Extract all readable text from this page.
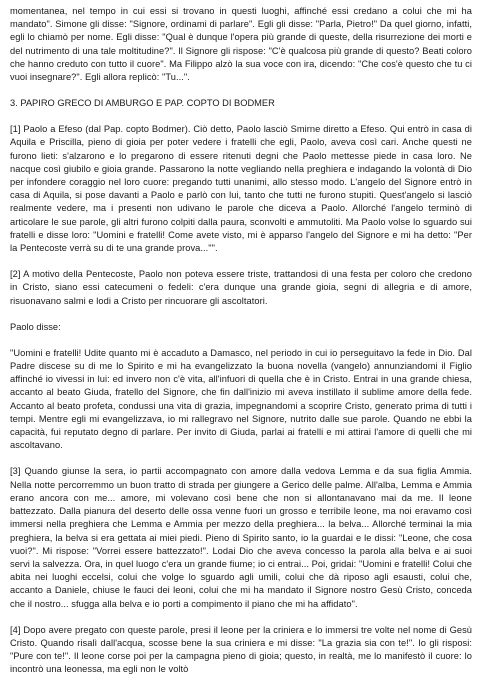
momentanea, nel tempo in cui essi si trovano in questi luoghi, affinché essi credano a colui che mi ha mandato". Simone gli disse: "Signore, ordinami di parlare". Egli gli disse: "Parla, Pietro!" Da quel giorno, infatti, egli lo chiamò per nome. Egli disse: "Qual è dunque l'opera più grande di queste, della risurrezione dei morti e del nutrimento di una tale moltitudine?". Il Signore gli rispose: "C'è qualcosa più grande di questo? Beati coloro che hanno creduto con tutto il cuore". Ma Filippo alzò la sua voce con ira, dicendo: "Che cos'è questo che tu ci vuoi insegnare?". Egli allora replicò: "Tu...".

3. PAPIRO GRECO DI AMBURGO E PAP. COPTO DI BODMER

[1] Paolo a Efeso (dal Pap. copto Bodmer). Ciò detto, Paolo lasciò Smirne diretto a Efeso. Qui entrò in casa di Aquila e Priscilla, pieno di gioia per poter vedere i fratelli che egli, Paolo, aveva così cari. Anche questi ne furono lieti: s'alzarono e lo pregarono di essere ritenuti degni che Paolo mettesse piede in casa loro. Ne nacque così giubilo e gioia grande. Passarono la notte vegliando nella preghiera e indagando la volontà di Dio per infondere coraggio nel loro cuore: pregando tutti unanimi, allo stesso modo. L'angelo del Signore entrò in casa di Aquila, si pose davanti a Paolo e parlò con lui, tanto che tutti ne furono stupiti. Quest'angelo si lasciò realmente vedere, ma i presenti non udivano le parole che diceva a Paolo. Allorché l'angelo terminò di articolare le sue parole, gli altri furono colpiti dalla paura, sconvolti e ammutoliti. Ma Paolo volse lo sguardo sui fratelli e disse loro: "Uomini e fratelli! Come avete visto, mi è apparso l'angelo del Signore e mi ha detto: "Per la Pentecoste verrà su di te una grande prova..."".

[2] A motivo della Pentecoste, Paolo non poteva essere triste, trattandosi di una festa per coloro che credono in Cristo, siano essi catecumeni o fedeli: c'era dunque una grande gioia, segni di allegria e di amore, risuonavano salmi e lodi a Cristo per rincuorare gli ascoltatori.

Paolo disse:

"Uomini e fratelli! Udite quanto mi è accaduto a Damasco, nel periodo in cui io perseguitavo la fede in Dio. Dal Padre discese su di me lo Spirito e mi ha evangelizzato la buona novella (vangelo) annunziandomi il Figlio affinché io vivessi in lui: ed invero non c'è vita, all'infuori di quella che è in Cristo. Entrai in una grande chiesa, accanto al beato Giuda, fratello del Signore, che fin dall'inizio mi aveva instillato il sublime amore della fede. Accanto al beato profeta, condussi una vita di grazia, impegnandomi a scoprire Cristo, generato prima di tutti i tempi. Mentre egli mi evangelizzava, io mi rallegravo nel Signore, nutrito dalle sue parole. Quando ne ebbi la capacità, fui reputato degno di parlare. Per invito di Giuda, parlai ai fratelli e mi attirai l'amore di quelli che mi ascoltavano.

[3] Quando giunse la sera, io partii accompagnato con amore dalla vedova Lemma e da sua figlia Ammia. Nella notte percorremmo un buon tratto di strada per giungere a Gerico delle palme. All'alba, Lemma e Ammia erano ancora con me... amore, mi volevano così bene che non si allontanavano mai da me. Il leone battezzato. Dalla pianura del deserto delle ossa venne fuori un grosso e terribile leone, ma noi eravamo così immersi nella preghiera che Lemma e Ammia per mezzo della preghiera... la belva... Allorché terminai la mia preghiera, la belva si era gettata ai miei piedi. Pieno di Spirito santo, io la guardai e le dissi: "Leone, che cosa vuoi?". Mi rispose: "Vorrei essere battezzato!". Lodai Dio che aveva concesso la parola alla belva e ai suoi servi la salvezza. Ora, in quel luogo c'era un grande fiume; io ci entrai... Poi, gridai: "Uomini e fratelli! Colui che abita nei luoghi eccelsi, colui che volge lo sguardo agli umili, colui che dà riposo agli esausti, colui che, accanto a Daniele, chiuse le fauci dei leoni, colui che mi ha mandato il Signore nostro Gesù Cristo, conceda che il nostro... sfugga alla belva e io porti a compimento il piano che mi ha affidato".

[4] Dopo avere pregato con queste parole, presi il leone per la criniera e lo immersi tre volte nel nome di Gesù Cristo. Quando risalì dall'acqua, scosse bene la sua criniera e mi disse: "La grazia sia con te!". Io gli risposi: "Pure con te!". Il leone corse poi per la campagna pieno di gioia; questo, in realtà, me lo manifestò il cuore: lo incontrò una leonessa, ma egli non le voltò
